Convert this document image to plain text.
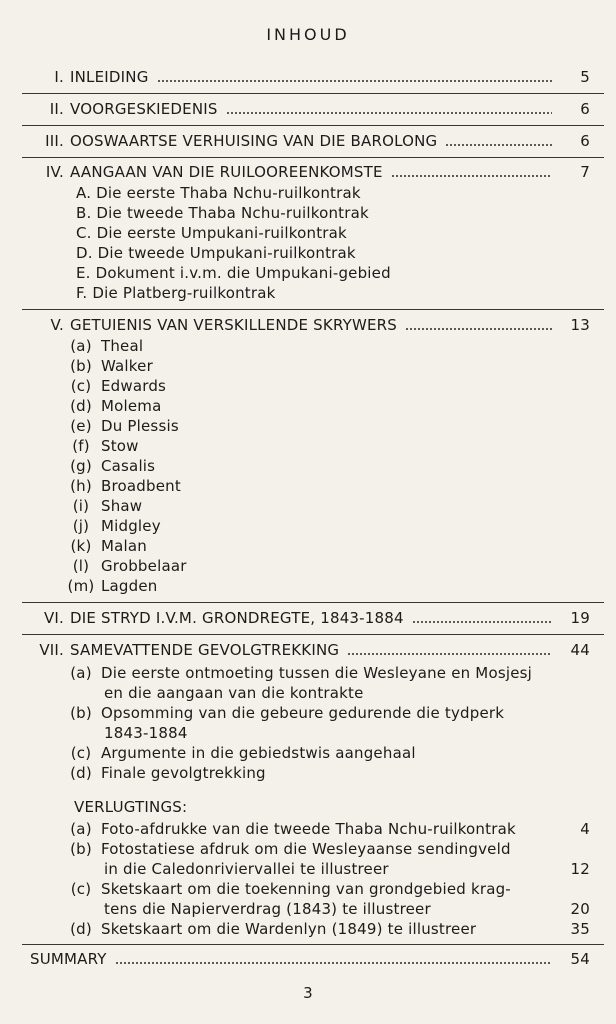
INHOUD
I. INLEIDING	5
II. VOORGESKIEDENIS	6
III. OOSWAARTSE VERHUISING VAN DIE BAROLONG	6
IV. AANGAAN VAN DIE RUILOOREENKOMSTE	7
A. Die eerste Thaba Nchu-ruilkontrak
B. Die tweede Thaba Nchu-ruilkontrak
C. Die eerste Umpukani-ruilkontrak
D. Die tweede Umpukani-ruilkontrak
E. Dokument i.v.m. die Umpukani-gebied
F. Die Platberg-ruilkontrak
V. GETUIENIS VAN VERSKILLENDE SKRYWERS	13
(a) Theal
(b) Walker
(c) Edwards
(d) Molema
(e) Du Plessis
(f) Stow
(g) Casalis
(h) Broadbent
(i) Shaw
(j) Midgley
(k) Malan
(l) Grobbelaar
(m) Lagden
VI. DIE STRYD I.V.M. GRONDREGTE, 1843-1884	19
VII. SAMEVATTENDE GEVOLGTREKKING	44
(a) Die eerste ontmoeting tussen die Wesleyane en Mosjesj
en die aangaan van die kontrakte
(b) Opsomming van die gebeure gedurende die tydperk
1843-1884
(c) Argumente in die gebiedstwis aangehaal
(d) Finale gevolgtrekking
VERLUGTINGS:
(a) Foto-afdrukke van die tweede Thaba Nchu-ruilkontrak	4
(b) Fotostatiese afdruk om die Wesleyaanse sendingveld
in die Caledonriviervallei te illustreer	12
(c) Sketskaart om die toekenning van grondgebied krag-
tens die Napierverdrag (1843) te illustreer	20
(d) Sketskaart om die Wardenlyn (1849) te illustreer	35
SUMMARY	54
3
